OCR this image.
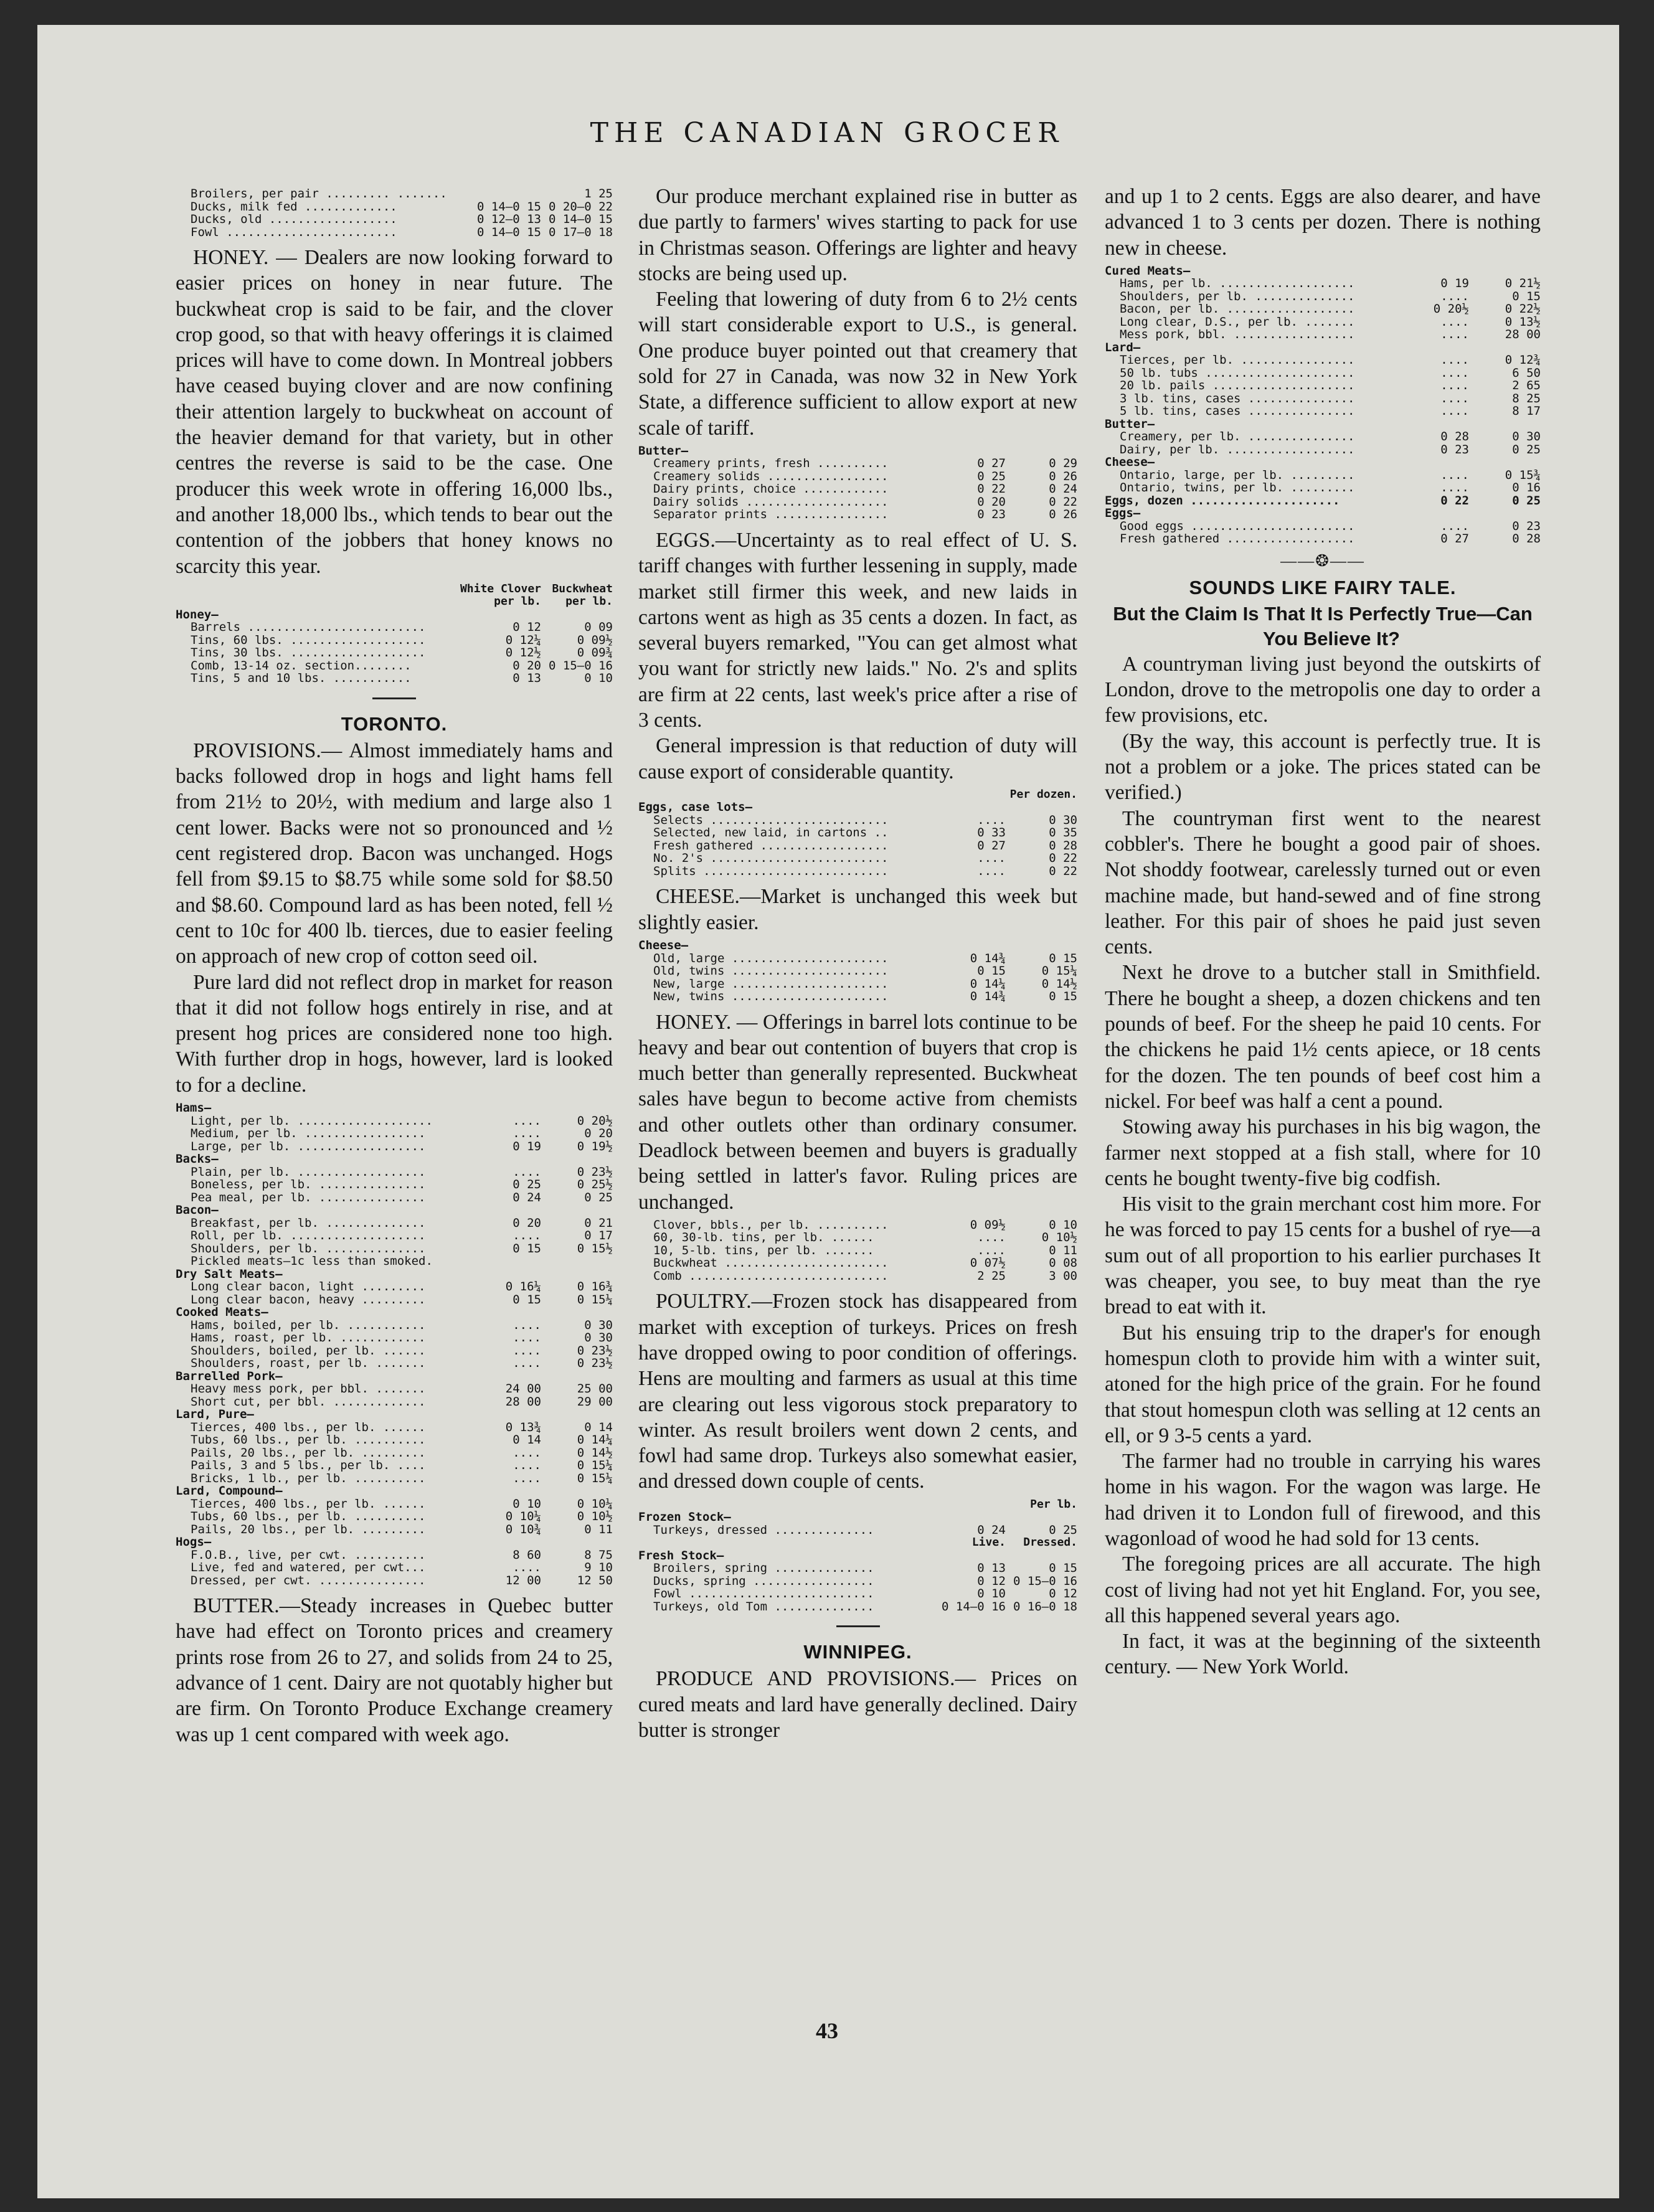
THE CANADIAN GROCER
Broilers, per pair ......... .......		1 25
Ducks, milk fed .............	0 14—0 15	0 20—0 22
Ducks, old ..................	0 12—0 13	0 14—0 15
Fowl ........................	0 14—0 15	0 17—0 18

HONEY. — Dealers are now looking forward to easier prices on honey in near future. The buckwheat crop is said to be fair, and the clover crop good, so that with heavy offerings it is claimed prices will have to come down. In Montreal jobbers have ceased buying clover and are now confining their attention largely to buckwheat on account of the heavier demand for that variety, but in other centres the reverse is said to be the case. One producer this week wrote in offering 16,000 lbs., and another 18,000 lbs., which tends to bear out the contention of the jobbers that honey knows no scarcity this year.

	White Clover	Buckwheat
	per lb.	per lb.
Honey—		
Barrels .........................	0 12	0 09
Tins, 60 lbs. ...................	0 12¼	0 09½
Tins, 30 lbs. ...................	0 12½	0 09¾
Comb, 13-14 oz. section........	0 20	0 15—0 16
Tins, 5 and 10 lbs. ...........	0 13	0 10
TORONTO.

PROVISIONS.— Almost immediately hams and backs followed drop in hogs and light hams fell from 21½ to 20½, with medium and large also 1 cent lower. Backs were not so pronounced and ½ cent registered drop. Bacon was unchanged. Hogs fell from $9.15 to $8.75 while some sold for $8.50 and $8.60. Compound lard as has been noted, fell ½ cent to 10c for 400 lb. tierces, due to easier feeling on approach of new crop of cotton seed oil.

Pure lard did not reflect drop in market for reason that it did not follow hogs entirely in rise, and at present hog prices are considered none too high. With further drop in hogs, however, lard is looked to for a decline.

Hams—		
Light, per lb. ...................	....	0 20½
Medium, per lb. .................	....	0 20
Large, per lb. ..................	0 19	0 19½
Backs—		
Plain, per lb. ..................	....	0 23½
Boneless, per lb. ...............	0 25	0 25½
Pea meal, per lb. ...............	0 24	0 25
Bacon—		
Breakfast, per lb. ..............	0 20	0 21
Roll, per lb. ...................	....	0 17
Shoulders, per lb. ..............	0 15	0 15½
Pickled meats—1c less than smoked.		
Dry Salt Meats—		
Long clear bacon, light .........	0 16¼	0 16¾
Long clear bacon, heavy .........	0 15	0 15¼
Cooked Meats—		
Hams, boiled, per lb. ...........	....	0 30
Hams, roast, per lb. ............	....	0 30
Shoulders, boiled, per lb. ......	....	0 23½
Shoulders, roast, per lb. .......	....	0 23½
Barrelled Pork—		
Heavy mess pork, per bbl. .......	24 00	25 00
Short cut, per bbl. .............	28 00	29 00
Lard, Pure—		
Tierces, 400 lbs., per lb. ......	0 13¾	0 14
Tubs, 60 lbs., per lb. ..........	0 14	0 14¼
Pails, 20 lbs., per lb. .........	....	0 14½
Pails, 3 and 5 lbs., per lb. ....	....	0 15¼
Bricks, 1 lb., per lb. ..........	....	0 15¼
Lard, Compound—		
Tierces, 400 lbs., per lb. ......	0 10	0 10¼
Tubs, 60 lbs., per lb. ..........	0 10¼	0 10½
Pails, 20 lbs., per lb. .........	0 10¾	0 11
Hogs—		
F.O.B., live, per cwt. ..........	8 60	8 75
Live, fed and watered, per cwt...	....	9 10
Dressed, per cwt. ...............	12 00	12 50

BUTTER.—Steady increases in Quebec butter have had effect on Toronto prices and creamery prints rose from 26 to 27, and solids from 24 to 25, advance of 1 cent. Dairy are not quotably higher but are firm. On Toronto Produce Exchange creamery was up 1 cent compared with week ago.

Our produce merchant explained rise in butter as due partly to farmers' wives starting to pack for use in Christmas season. Offerings are lighter and heavy stocks are being used up.

Feeling that lowering of duty from 6 to 2½ cents will start considerable export to U.S., is general. One produce buyer pointed out that creamery that sold for 27 in Canada, was now 32 in New York State, a difference sufficient to allow export at new scale of tariff.

Butter—		
Creamery prints, fresh ..........	0 27	0 29
Creamery solids .................	0 25	0 26
Dairy prints, choice ............	0 22	0 24
Dairy solids ....................	0 20	0 22
Separator prints ................	0 23	0 26

EGGS.—Uncertainty as to real effect of U. S. tariff changes with further lessening in supply, made market still firmer this week, and new laids in cartons went as high as 35 cents a dozen. In fact, as several buyers remarked, "You can get almost what you want for strictly new laids." No. 2's and splits are firm at 22 cents, last week's price after a rise of 3 cents.

General impression is that reduction of duty will cause export of considerable quantity.

		Per dozen.
Eggs, case lots—		
Selects .........................	....	0 30
Selected, new laid, in cartons ..	0 33	0 35
Fresh gathered ..................	0 27	0 28
No. 2's .........................	....	0 22
Splits ..........................	....	0 22

CHEESE.—Market is unchanged this week but slightly easier.

Cheese—		
Old, large ......................	0 14¾	0 15
Old, twins ......................	0 15	0 15¼
New, large ......................	0 14¼	0 14½
New, twins ......................	0 14¾	0 15

HONEY. — Offerings in barrel lots continue to be heavy and bear out contention of buyers that crop is much better than generally represented. Buckwheat sales have begun to become active from chemists and other outlets other than ordinary consumer. Deadlock between beemen and buyers is gradually being settled in latter's favor. Ruling prices are unchanged.

Clover, bbls., per lb. ..........	0 09½	0 10
60, 30-lb. tins, per lb. ......	....	0 10½
10, 5-lb. tins, per lb. .......	....	0 11
Buckwheat .......................	0 07½	0 08
Comb ............................	2 25	3 00

POULTRY.—Frozen stock has disappeared from market with exception of turkeys. Prices on fresh have dropped owing to poor condition of offerings. Hens are moulting and farmers as usual at this time are clearing out less vigorous stock preparatory to winter. As result broilers went down 2 cents, and fowl had same drop. Turkeys also somewhat easier, and dressed down couple of cents.

		Per lb.
Frozen Stock—		
Turkeys, dressed ..............	0 24	0 25
	Live.	Dressed.
Fresh Stock—		
Broilers, spring ..............	0 13	0 15
Ducks, spring .................	0 12	0 15—0 16
Fowl ..........................	0 10	0 12
Turkeys, old Tom ..............	0 14—0 16	0 16—0 18
WINNIPEG.

PRODUCE AND PROVISIONS.— Prices on cured meats and lard have generally declined. Dairy butter is stronger

and up 1 to 2 cents. Eggs are also dearer, and have advanced 1 to 3 cents per dozen. There is nothing new in cheese.

Cured Meats—		
Hams, per lb. ...................	0 19	0 21½
Shoulders, per lb. ..............	....	0 15
Bacon, per lb. ..................	0 20½	0 22½
Long clear, D.S., per lb. .......	....	0 13½
Mess pork, bbl. .................	....	28 00
Lard—		
Tierces, per lb. ................	....	0 12¾
50 lb. tubs .....................	....	6 50
20 lb. pails ....................	....	2 65
3 lb. tins, cases ...............	....	8 25
5 lb. tins, cases ...............	....	8 17
Butter—		
Creamery, per lb. ...............	0 28	0 30
Dairy, per lb. ..................	0 23	0 25
Cheese—		
Ontario, large, per lb. .........	....	0 15¾
Ontario, twins, per lb. .........	....	0 16
Eggs, dozen .....................	0 22	0 25
Eggs—		
Good eggs .......................	....	0 23
Fresh gathered ..................	0 27	0 28
——❂——
SOUNDS LIKE FAIRY TALE.

But the Claim Is That It Is Perfectly True—Can You Believe It?

A countryman living just beyond the outskirts of London, drove to the metropolis one day to order a few provisions, etc.

(By the way, this account is perfectly true. It is not a problem or a joke. The prices stated can be verified.)

The countryman first went to the nearest cobbler's. There he bought a good pair of shoes. Not shoddy footwear, carelessly turned out or even machine made, but hand-sewed and of fine strong leather. For this pair of shoes he paid just seven cents.

Next he drove to a butcher stall in Smithfield. There he bought a sheep, a dozen chickens and ten pounds of beef. For the sheep he paid 10 cents. For the chickens he paid 1½ cents apiece, or 18 cents for the dozen. The ten pounds of beef cost him a nickel. For beef was half a cent a pound.

Stowing away his purchases in his big wagon, the farmer next stopped at a fish stall, where for 10 cents he bought twenty-five big codfish.

His visit to the grain merchant cost him more. For he was forced to pay 15 cents for a bushel of rye—a sum out of all proportion to his earlier purchases It was cheaper, you see, to buy meat than the rye bread to eat with it.

But his ensuing trip to the draper's for enough homespun cloth to provide him with a winter suit, atoned for the high price of the grain. For he found that stout homespun cloth was selling at 12 cents an ell, or 9 3-5 cents a yard.

The farmer had no trouble in carrying his wares home in his wagon. For the wagon was large. He had driven it to London full of firewood, and this wagonload of wood he had sold for 13 cents.

The foregoing prices are all accurate. The high cost of living had not yet hit England. For, you see, all this happened several years ago.

In fact, it was at the beginning of the sixteenth century. — New York World.

43
